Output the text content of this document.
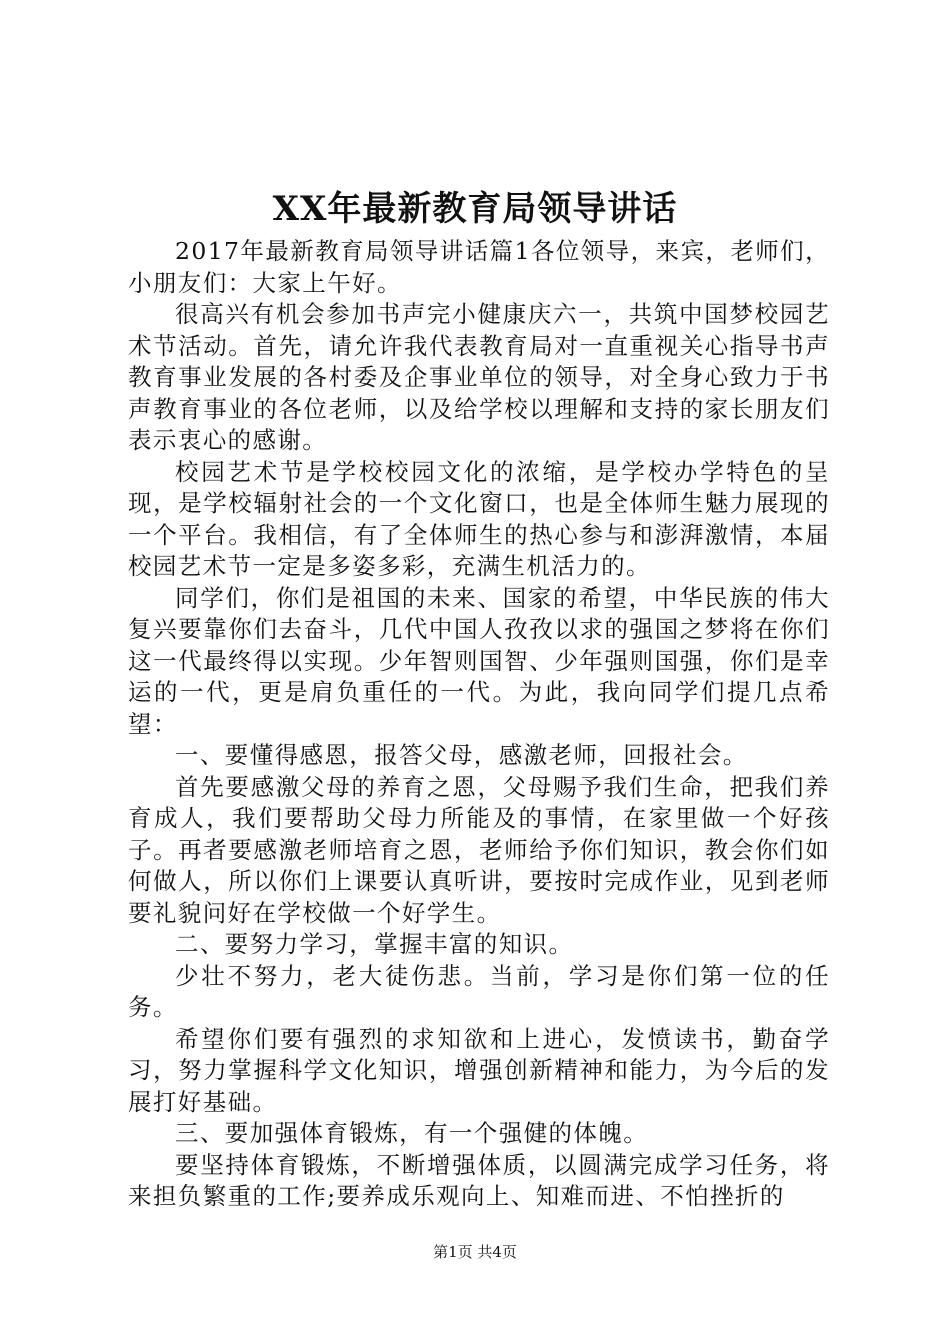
XX年最新教育局领导讲话

2017年最新教育局领导讲话篇1各位领导，来宾，老师们，小朋友们：大家上午好。

很高兴有机会参加书声完小健康庆六一，共筑中国梦校园艺术节活动。首先，请允许我代表教育局对一直重视关心指导书声教育事业发展的各村委及企事业单位的领导，对全身心致力于书声教育事业的各位老师，以及给学校以理解和支持的家长朋友们表示衷心的感谢。

校园艺术节是学校校园文化的浓缩，是学校办学特色的呈现，是学校辐射社会的一个文化窗口，也是全体师生魅力展现的一个平台。我相信，有了全体师生的热心参与和澎湃激情，本届校园艺术节一定是多姿多彩，充满生机活力的。

同学们，你们是祖国的未来、国家的希望，中华民族的伟大复兴要靠你们去奋斗，几代中国人孜孜以求的强国之梦将在你们这一代最终得以实现。少年智则国智、少年强则国强，你们是幸运的一代，更是肩负重任的一代。为此，我向同学们提几点希望：

一、要懂得感恩，报答父母，感激老师，回报社会。

首先要感激父母的养育之恩，父母赐予我们生命，把我们养育成人，我们要帮助父母力所能及的事情，在家里做一个好孩子。再者要感激老师培育之恩，老师给予你们知识，教会你们如何做人，所以你们上课要认真听讲，要按时完成作业，见到老师要礼貌问好在学校做一个好学生。

二、要努力学习，掌握丰富的知识。

少壮不努力，老大徒伤悲。当前，学习是你们第一位的任务。

希望你们要有强烈的求知欲和上进心，发愤读书，勤奋学习，努力掌握科学文化知识，增强创新精神和能力，为今后的发展打好基础。

三、要加强体育锻炼，有一个强健的体魄。

要坚持体育锻炼，不断增强体质，以圆满完成学习任务，将来担负繁重的工作;要养成乐观向上、知难而进、不怕挫折的

第1页 共4页
